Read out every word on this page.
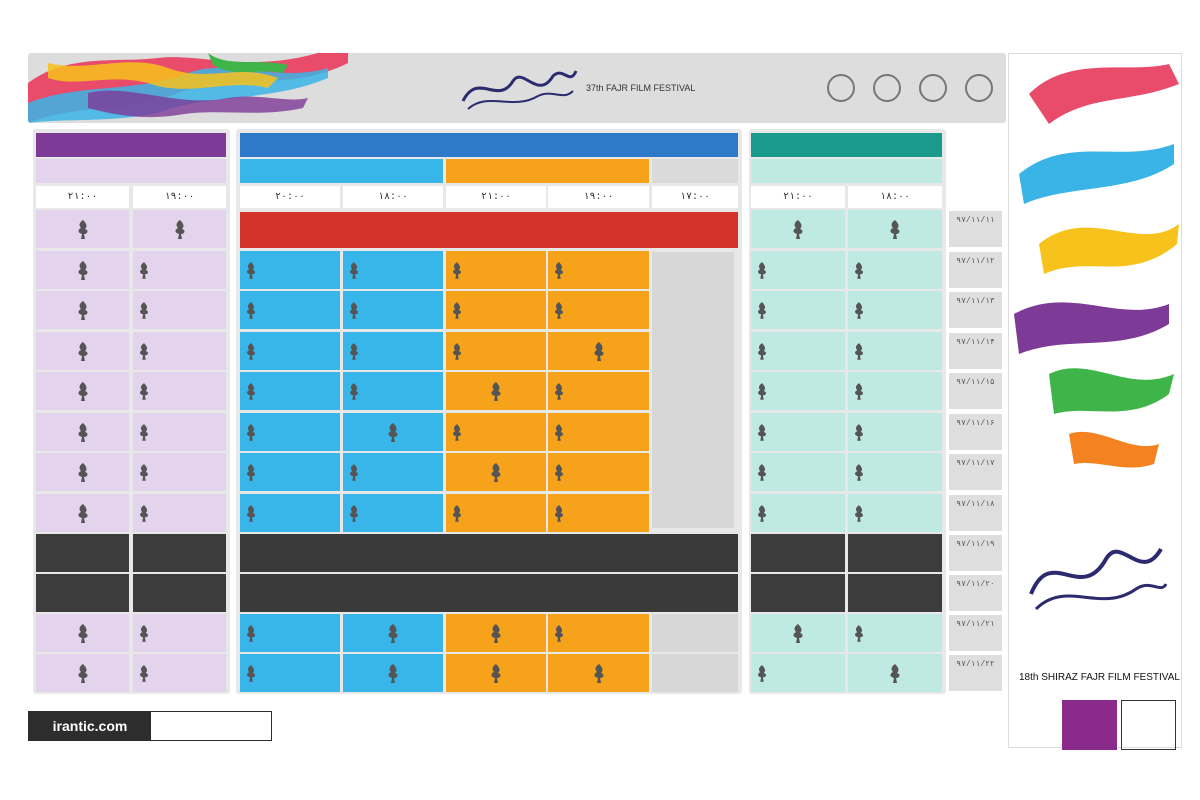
37th FAJR FILM FESTIVAL
18th SHIRAZ FAJR FILM FESTIVAL
۱۸:۰۰
۲۱:۰۰
۱۷:۰۰
۱۹:۰۰
۲۱:۰۰
۱۸:۰۰
۲۰:۰۰
۱۹:۰۰
۲۱:۰۰
۹۷/۱۱/۱۱
۹۷/۱۱/۱۲
۹۷/۱۱/۱۳
۹۷/۱۱/۱۴
۹۷/۱۱/۱۵
۹۷/۱۱/۱۶
۹۷/۱۱/۱۷
۹۷/۱۱/۱۸
۹۷/۱۱/۱۹
۹۷/۱۱/۲۰
۹۷/۱۱/۲۱
۹۷/۱۱/۲۲
irantic.com
